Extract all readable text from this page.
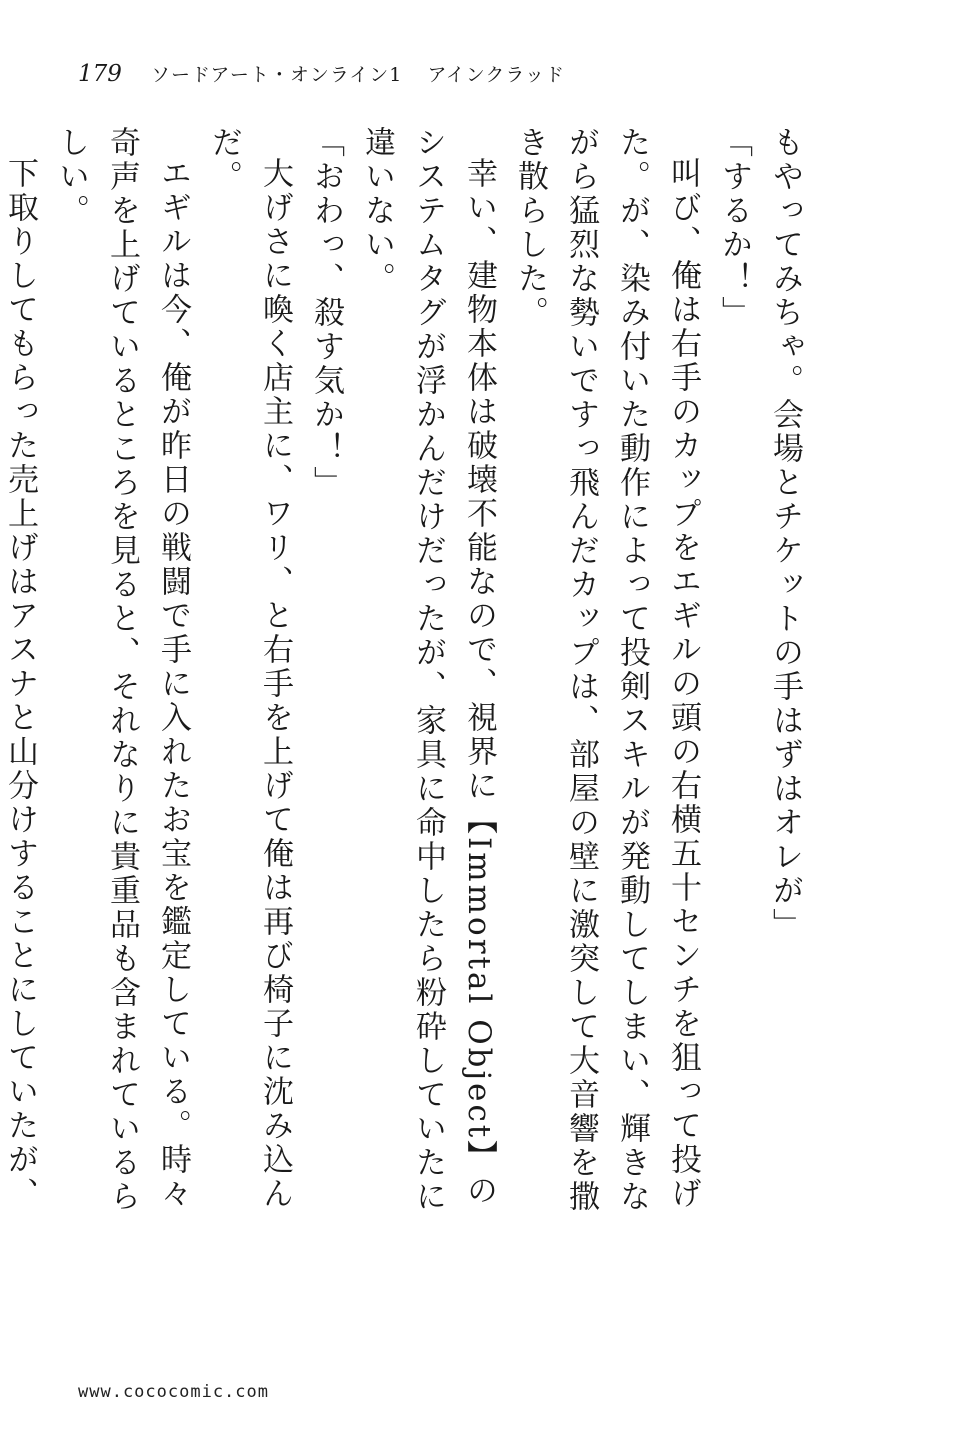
179 ソードアート・オンライン1 アインクラッド

もやってみちゃ。会場とチケットの手はずはオレが」

「するか！」

叫び、俺は右手のカップをエギルの頭の右横五十センチを狙って投げた。が、染み付いた動作によって投剣スキルが発動してしまい、輝きながら猛烈な勢いですっ飛んだカップは、部屋の壁に激突して大音響を撒き散らした。

幸い、建物本体は破壊不能なので、視界に【Immortal Object】のシステムタグが浮かんだけだったが、家具に命中したら粉砕していたに違いない。

「おわっ、殺す気か！」

大げさに喚く店主に、ワリ、と右手を上げて俺は再び椅子に沈み込んだ。

エギルは今、俺が昨日の戦闘で手に入れたお宝を鑑定している。時々奇声を上げているところを見ると、それなりに貴重品も含まれているらしい。

下取りしてもらった売上げはアスナと山分けすることにしていたが、

www.cococomic.com
